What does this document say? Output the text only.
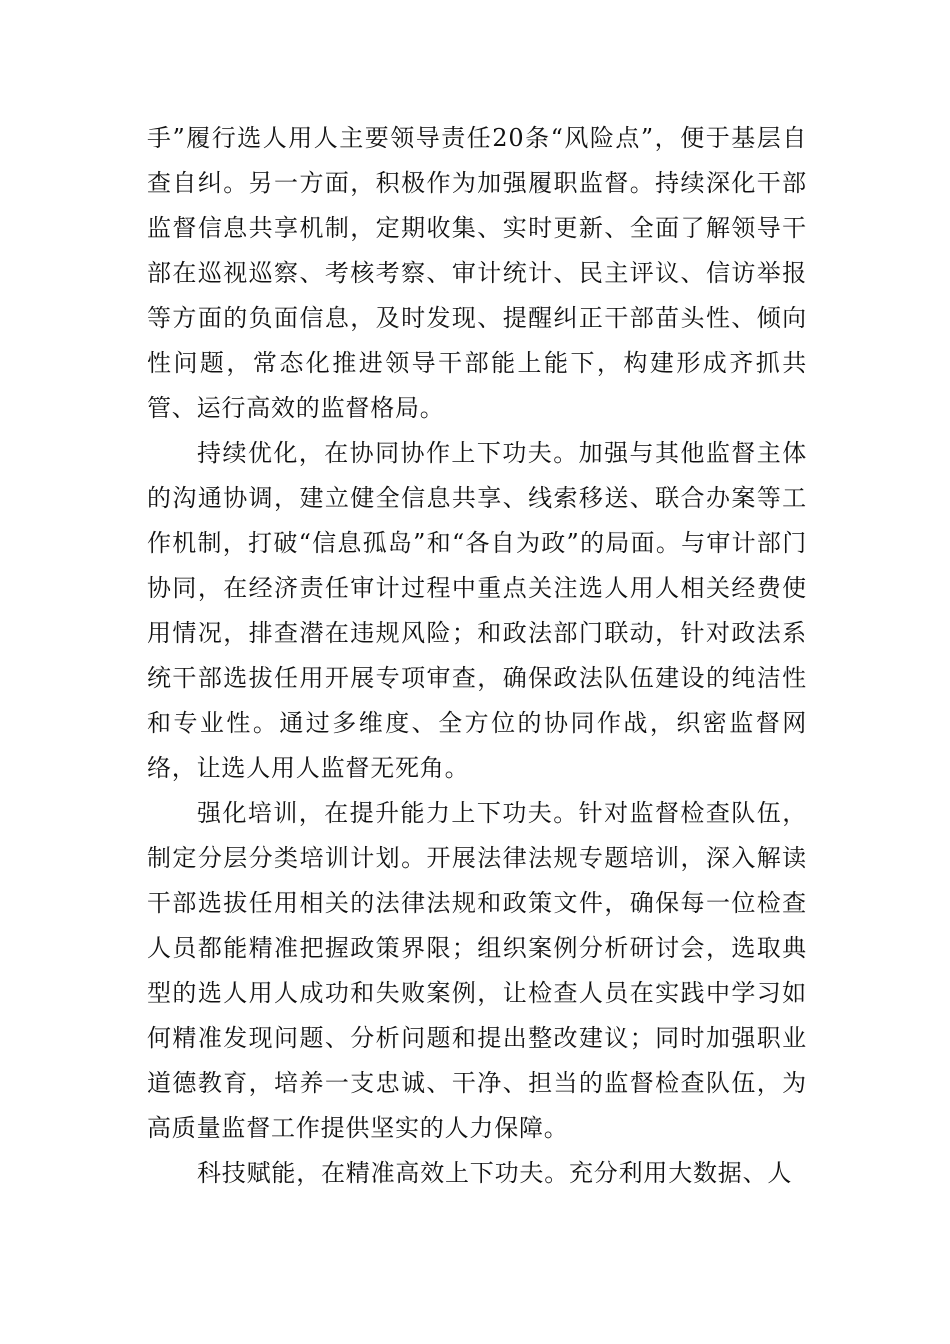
手”履行选人用人主要领导责任20条“风险点”，便于基层自查自纠。另一方面，积极作为加强履职监督。持续深化干部监督信息共享机制，定期收集、实时更新、全面了解领导干部在巡视巡察、考核考察、审计统计、民主评议、信访举报等方面的负面信息，及时发现、提醒纠正干部苗头性、倾向性问题，常态化推进领导干部能上能下，构建形成齐抓共管、运行高效的监督格局。

持续优化，在协同协作上下功夫。加强与其他监督主体的沟通协调，建立健全信息共享、线索移送、联合办案等工作机制，打破“信息孤岛”和“各自为政”的局面。与审计部门协同，在经济责任审计过程中重点关注选人用人相关经费使用情况，排查潜在违规风险；和政法部门联动，针对政法系统干部选拔任用开展专项审查，确保政法队伍建设的纯洁性和专业性。通过多维度、全方位的协同作战，织密监督网络，让选人用人监督无死角。

强化培训，在提升能力上下功夫。针对监督检查队伍，制定分层分类培训计划。开展法律法规专题培训，深入解读干部选拔任用相关的法律法规和政策文件，确保每一位检查人员都能精准把握政策界限；组织案例分析研讨会，选取典型的选人用人成功和失败案例，让检查人员在实践中学习如何精准发现问题、分析问题和提出整改建议；同时加强职业道德教育，培养一支忠诚、干净、担当的监督检查队伍，为高质量监督工作提供坚实的人力保障。

科技赋能，在精准高效上下功夫。充分利用大数据、人
